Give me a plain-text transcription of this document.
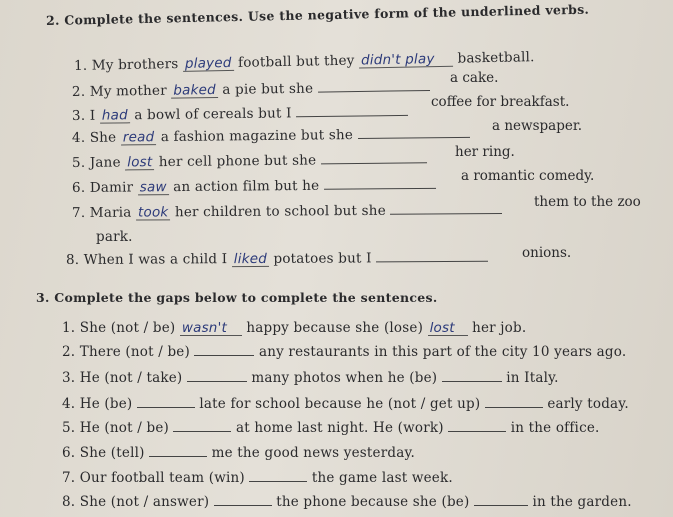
2. Complete the sentences. Use the negative form of the underlined verbs.
1. My brothers played football but they didn't play basketball.
2. My mother baked a pie but she
a cake.
3. I had a bowl of cereals but I
coffee for breakfast.
4. She read a fashion magazine but she
a newspaper.
5. Jane lost her cell phone but she
her ring.
6. Damir saw an action film but he
a romantic comedy.
7. Maria took her children to school but she
them to the zoo
park.
8. When I was a child I liked potatoes but I	onions.
3. Complete the gaps below to complete the sentences.
1. She (not / be) wasn't happy because she (lose) lost her job.
2. There (not / be)	any restaurants in this part of the city 10 years ago.
3. He (not / take)	many photos when he (be)	in Italy.
4. He (be)	late for school because he (not / get up)	early today.
5. He (not / be)	at home last night. He (work)	in the office.
6. She (tell)	me the good news yesterday.
7. Our football team (win)	the game last week.
8. She (not / answer)	the phone because she (be)	in the garden.
